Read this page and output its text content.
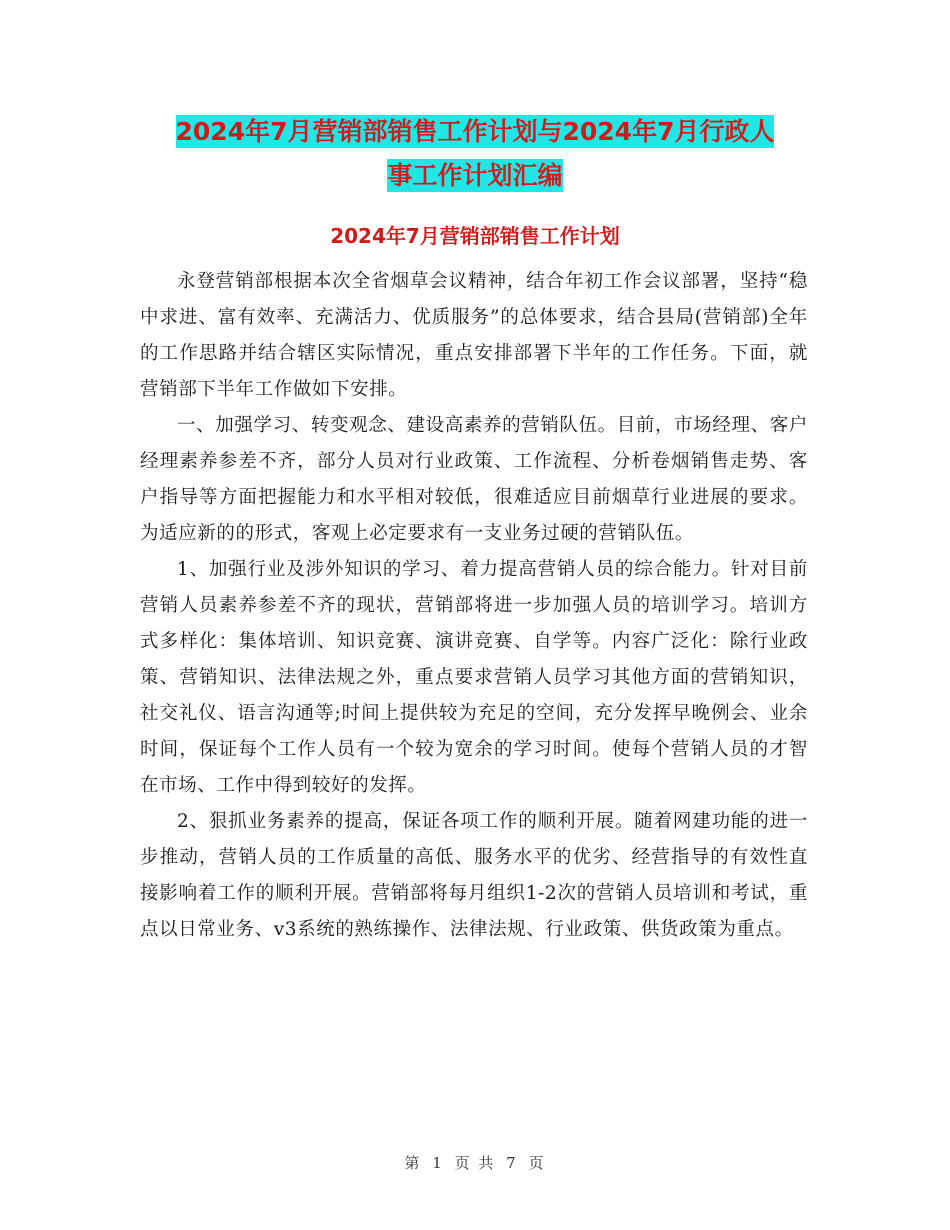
2024年7月营销部销售工作计划与2024年7月行政人
事工作计划汇编
2024年7月营销部销售工作计划

永登营销部根据本次全省烟草会议精神，结合年初工作会议部署，坚持“稳中求进、富有效率、充满活力、优质服务”的总体要求，结合县局(营销部)全年的工作思路并结合辖区实际情况，重点安排部署下半年的工作任务。下面，就营销部下半年工作做如下安排。

一、加强学习、转变观念、建设高素养的营销队伍。目前，市场经理、客户经理素养参差不齐，部分人员对行业政策、工作流程、分析卷烟销售走势、客户指导等方面把握能力和水平相对较低，很难适应目前烟草行业进展的要求。为适应新的的形式，客观上必定要求有一支业务过硬的营销队伍。

1、加强行业及涉外知识的学习、着力提高营销人员的综合能力。针对目前营销人员素养参差不齐的现状，营销部将进一步加强人员的培训学习。培训方式多样化：集体培训、知识竞赛、演讲竞赛、自学等。内容广泛化：除行业政策、营销知识、法律法规之外，重点要求营销人员学习其他方面的营销知识，社交礼仪、语言沟通等;时间上提供较为充足的空间，充分发挥早晚例会、业余时间，保证每个工作人员有一个较为宽余的学习时间。使每个营销人员的才智在市场、工作中得到较好的发挥。

2、狠抓业务素养的提高，保证各项工作的顺利开展。随着网建功能的进一步推动，营销人员的工作质量的高低、服务水平的优劣、经营指导的有效性直接影响着工作的顺利开展。营销部将每月组织1-2次的营销人员培训和考试，重点以日常业务、v3系统的熟练操作、法律法规、行业政策、供货政策为重点。

第 1 页 共 7 页
